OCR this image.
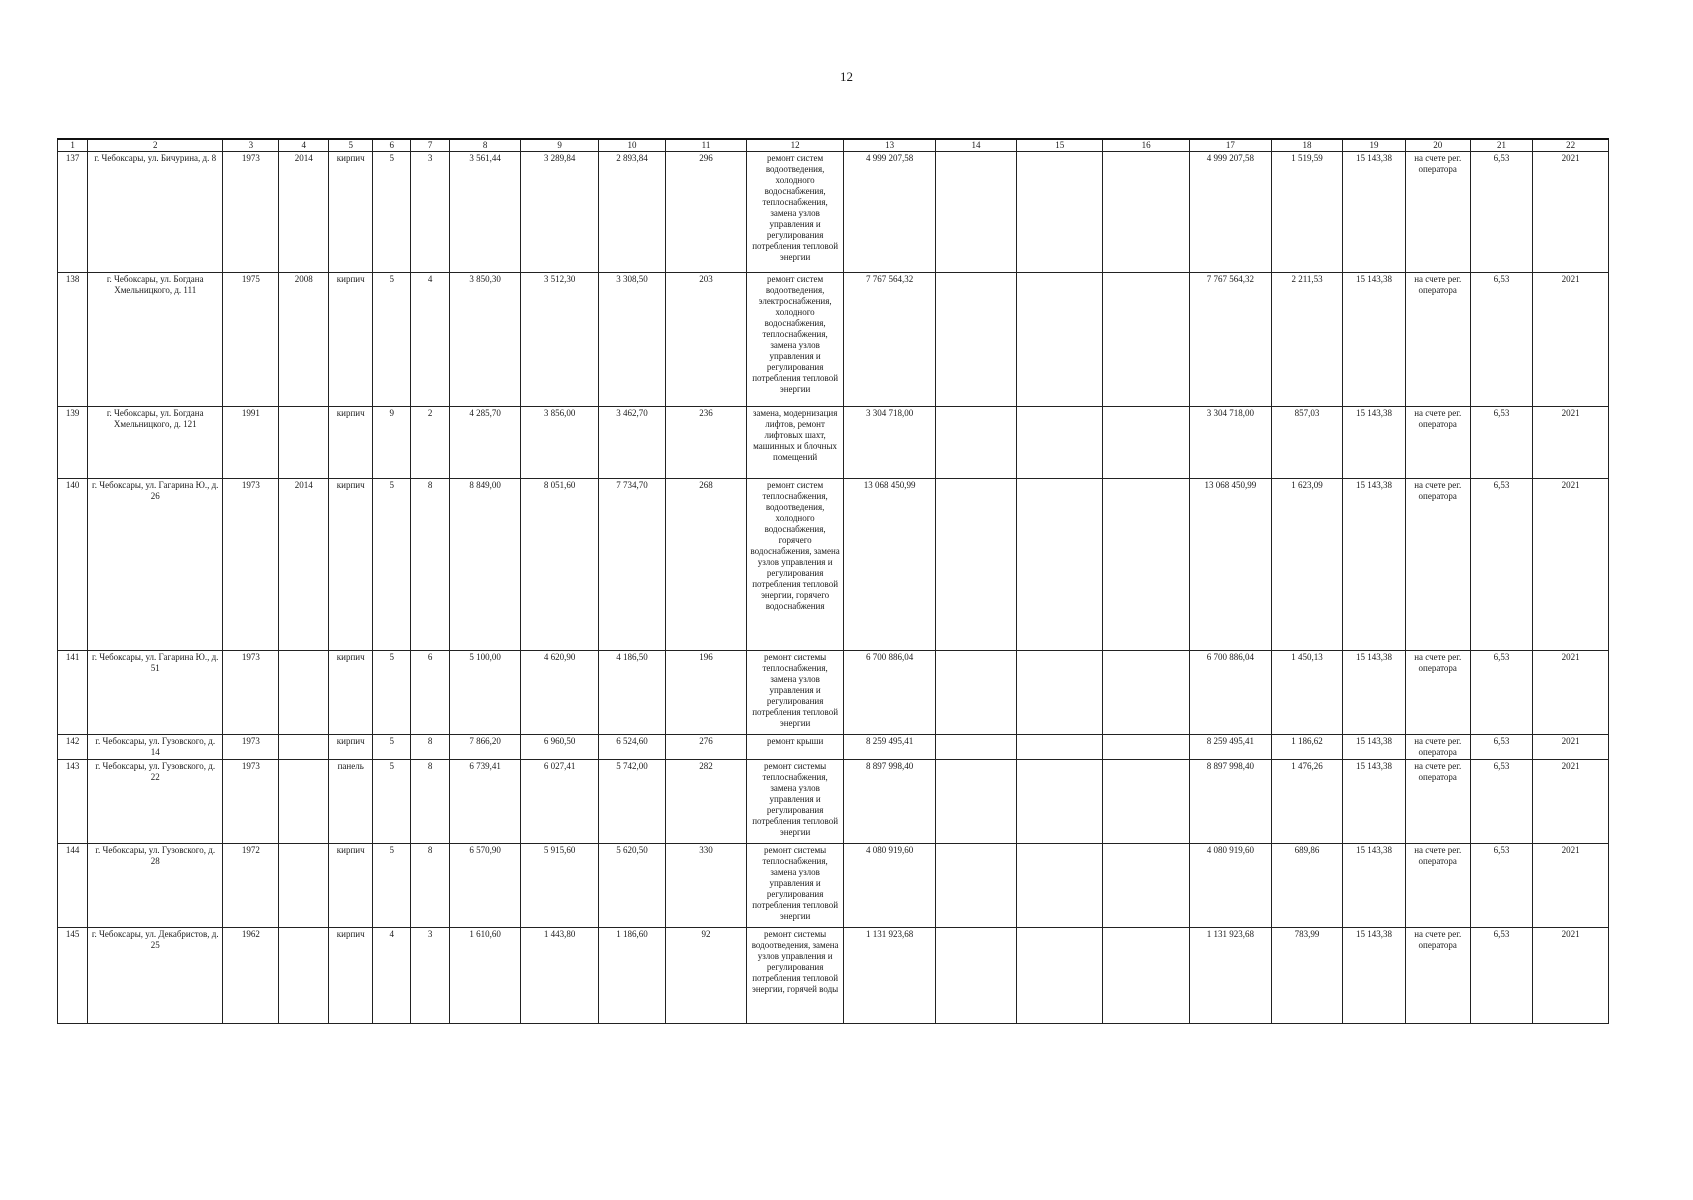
12
1	2	3	4	5	6	7	8	9	10	11	12	13	14	15	16	17	18	19	20	21	22
137	г. Чебоксары, ул. Бичурина, д. 8	1973	2014	кирпич	5	3	3 561,44	3 289,84	2 893,84	296	ремонт систем водоотведения, холодного водоснабжения, теплоснабжения, замена узлов управления и регулирования потребления тепловой энергии	4 999 207,58				4 999 207,58	1 519,59	15 143,38	на счете рег. оператора	6,53	2021
138	г. Чебоксары, ул. Богдана Хмельницкого, д. 111	1975	2008	кирпич	5	4	3 850,30	3 512,30	3 308,50	203	ремонт систем водоотведения, электроснабжения, холодного водоснабжения, теплоснабжения, замена узлов управления и регулирования потребления тепловой энергии	7 767 564,32				7 767 564,32	2 211,53	15 143,38	на счете рег. оператора	6,53	2021
139	г. Чебоксары, ул. Богдана Хмельницкого, д. 121	1991		кирпич	9	2	4 285,70	3 856,00	3 462,70	236	замена, модернизация лифтов, ремонт лифтовых шахт, машинных и блочных помещений	3 304 718,00				3 304 718,00	857,03	15 143,38	на счете рег. оператора	6,53	2021
140	г. Чебоксары, ул. Гагарина Ю., д. 26	1973	2014	кирпич	5	8	8 849,00	8 051,60	7 734,70	268	ремонт систем теплоснабжения, водоотведения, холодного водоснабжения, горячего водоснабжения, замена узлов управления и регулирования потребления тепловой энергии, горячего водоснабжения	13 068 450,99				13 068 450,99	1 623,09	15 143,38	на счете рег. оператора	6,53	2021
141	г. Чебоксары, ул. Гагарина Ю., д. 51	1973		кирпич	5	6	5 100,00	4 620,90	4 186,50	196	ремонт системы теплоснабжения, замена узлов управления и регулирования потребления тепловой энергии	6 700 886,04				6 700 886,04	1 450,13	15 143,38	на счете рег. оператора	6,53	2021
142	г. Чебоксары, ул. Гузовского, д. 14	1973		кирпич	5	8	7 866,20	6 960,50	6 524,60	276	ремонт крыши	8 259 495,41				8 259 495,41	1 186,62	15 143,38	на счете рег. оператора	6,53	2021
143	г. Чебоксары, ул. Гузовского, д. 22	1973		панель	5	8	6 739,41	6 027,41	5 742,00	282	ремонт системы теплоснабжения, замена узлов управления и регулирования потребления тепловой энергии	8 897 998,40				8 897 998,40	1 476,26	15 143,38	на счете рег. оператора	6,53	2021
144	г. Чебоксары, ул. Гузовского, д. 28	1972		кирпич	5	8	6 570,90	5 915,60	5 620,50	330	ремонт системы теплоснабжения, замена узлов управления и регулирования потребления тепловой энергии	4 080 919,60				4 080 919,60	689,86	15 143,38	на счете рег. оператора	6,53	2021
145	г. Чебоксары, ул. Декабристов, д. 25	1962		кирпич	4	3	1 610,60	1 443,80	1 186,60	92	ремонт системы водоотведения, замена узлов управления и регулирования потребления тепловой энергии, горячей воды	1 131 923,68				1 131 923,68	783,99	15 143,38	на счете рег. оператора	6,53	2021
